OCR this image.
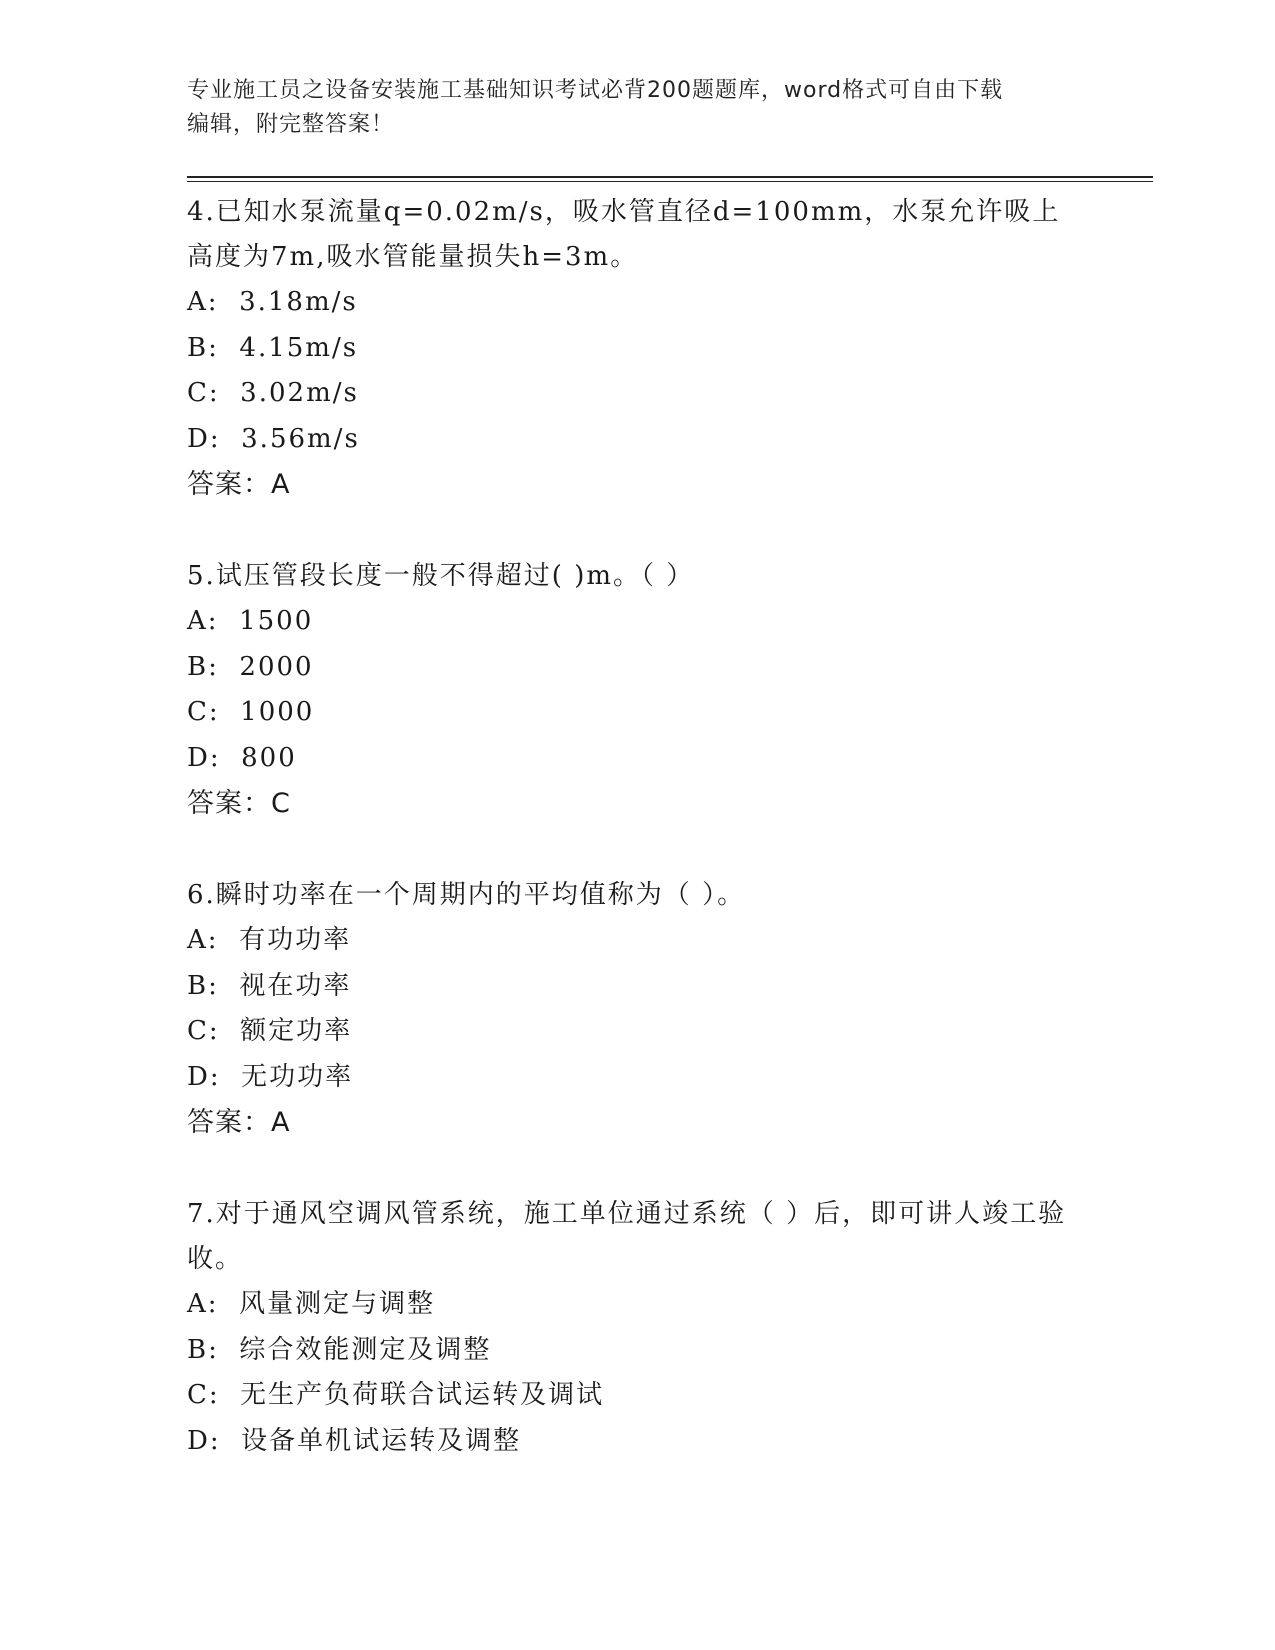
专业施工员之设备安装施工基础知识考试必背200题题库，word格式可自由下载
编辑，附完整答案！

4.已知水泵流量q=0.02m/s，吸水管直径d=100mm，水泵允许吸上高度为7m,吸水管能量损失h=3m。

A:  3.18m/s

B:  4.15m/s

C:  3.02m/s

D:  3.56m/s

答案：A

5.试压管段长度一般不得超过( )m。（ ）

A:  1500

B:  2000

C:  1000

D:  800

答案：C

6.瞬时功率在一个周期内的平均值称为（ ）。

A:  有功功率

B:  视在功率

C:  额定功率

D:  无功功率

答案：A

7.对于通风空调风管系统，施工单位通过系统（ ）后，即可讲人竣工验收。

A:  风量测定与调整

B:  综合效能测定及调整

C:  无生产负荷联合试运转及调试

D:  设备单机试运转及调整
